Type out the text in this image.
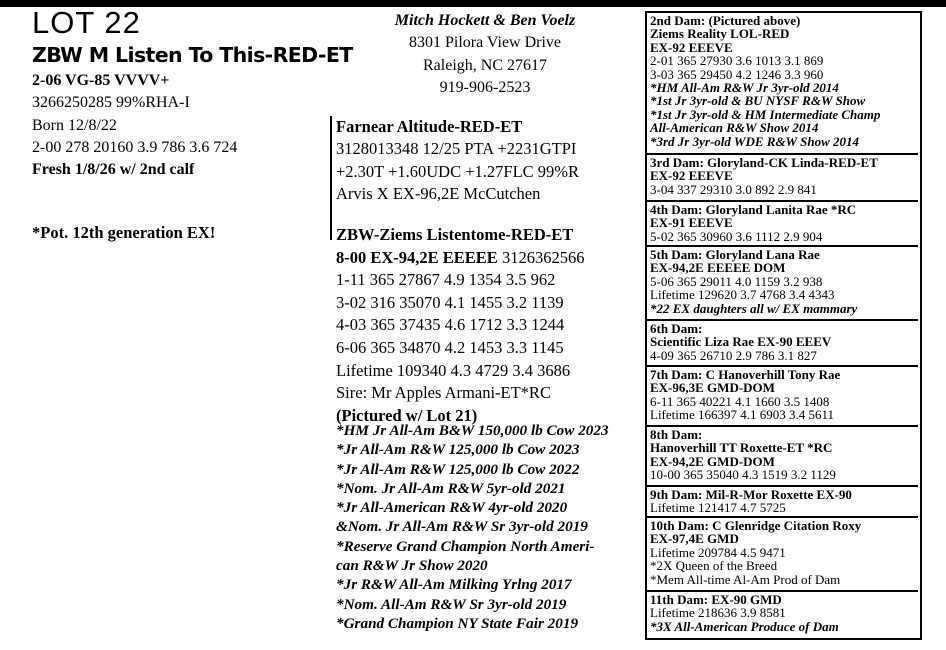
LOT 22
ZBW M Listen To This-RED-ET
2-06 VG-85 VVVV+
3266250285 99%RHA-I
Born 12/8/22
2-00 278 20160 3.9 786 3.6 724
Fresh 1/8/26 w/ 2nd calf
*Pot. 12th generation EX!
Mitch Hockett & Ben Voelz
8301 Pilora View Drive
Raleigh, NC 27617
919-906-2523
Farnear Altitude-RED-ET
3128013348 12/25 PTA +2231GTPI
+2.30T +1.60UDC +1.27FLC 99%R
Arvis X EX-96,2E McCutchen
ZBW-Ziems Listentome-RED-ET
8-00 EX-94,2E EEEEE 3126362566
1-11 365 27867 4.9 1354 3.5 962
3-02 316 35070 4.1 1455 3.2 1139
4-03 365 37435 4.6 1712 3.3 1244
6-06 365 34870 4.2 1453 3.3 1145
Lifetime 109340 4.3 4729 3.4 3686
Sire: Mr Apples Armani-ET*RC
(Pictured w/ Lot 21)
*HM Jr All-Am B&W 150,000 lb Cow 2023
*Jr All-Am R&W 125,000 lb Cow 2023
*Jr All-Am R&W 125,000 lb Cow 2022
*Nom. Jr All-Am R&W 5yr-old 2021
*Jr All-American R&W 4yr-old 2020
&Nom. Jr All-Am R&W Sr 3yr-old 2019
*Reserve Grand Champion North Ameri-
can R&W Jr Show 2020
*Jr R&W All-Am Milking Yrlng 2017
*Nom. All-Am R&W Sr 3yr-old 2019
*Grand Champion NY State Fair 2019
2nd Dam: (Pictured above)
Ziems Reality LOL-RED
EX-92 EEEVE
2-01 365 27930 3.6 1013 3.1 869
3-03 365 29450 4.2 1246 3.3 960
*HM All-Am R&W Jr 3yr-old 2014
*1st Jr 3yr-old & BU NYSF R&W Show
*1st Jr 3yr-old & HM Intermediate Champ
All-American R&W Show 2014
*3rd Jr 3yr-old WDE R&W Show 2014
3rd Dam: Gloryland-CK Linda-RED-ET
EX-92 EEEVE
3-04 337 29310 3.0 892 2.9 841
4th Dam: Gloryland Lanita Rae *RC
EX-91 EEEVE
5-02 365 30960 3.6 1112 2.9 904
5th Dam: Gloryland Lana Rae
EX-94,2E EEEEE DOM
5-06 365 29011 4.0 1159 3.2 938
Lifetime 129620 3.7 4768 3.4 4343
*22 EX daughters all w/ EX mammary
6th Dam:
Scientific Liza Rae EX-90 EEEV
4-09 365 26710 2.9 786 3.1 827
7th Dam: C Hanoverhill Tony Rae
EX-96,3E GMD-DOM
6-11 365 40221 4.1 1660 3.5 1408
Lifetime 166397 4.1 6903 3.4 5611
8th Dam:
Hanoverhill TT Roxette-ET *RC
EX-94,2E GMD-DOM
10-00 365 35040 4.3 1519 3.2 1129
9th Dam: Mil-R-Mor Roxette EX-90
Lifetime 121417 4.7 5725
10th Dam: C Glenridge Citation Roxy
EX-97,4E GMD
Lifetime 209784 4.5 9471
*2X Queen of the Breed
*Mem All-time Al-Am Prod of Dam
11th Dam: EX-90 GMD
Lifetime 218636 3.9 8581
*3X All-American Produce of Dam
